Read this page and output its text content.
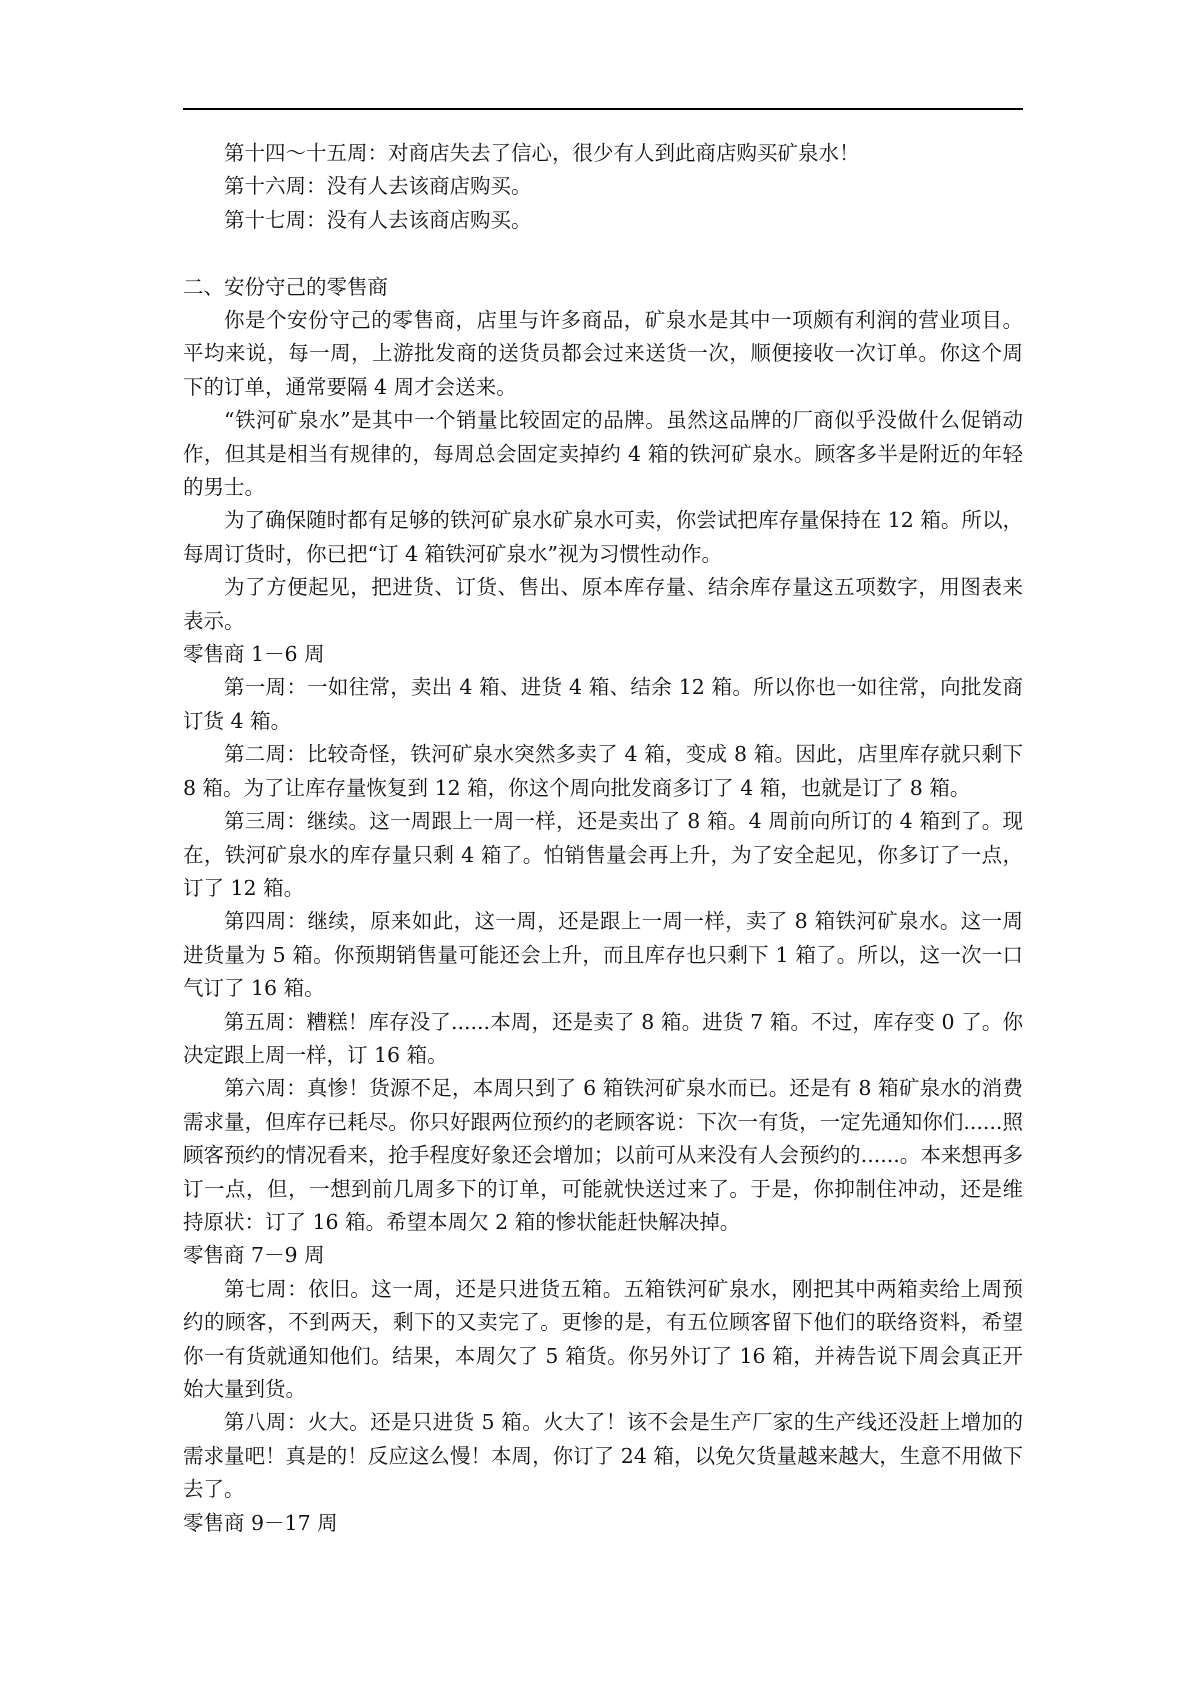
第十四～十五周：对商店失去了信心，很少有人到此商店购买矿泉水！

第十六周：没有人去该商店购买。

第十七周：没有人去该商店购买。

二、安份守己的零售商

你是个安份守己的零售商，店里与许多商品，矿泉水是其中一项颇有利润的营业项目。平均来说，每一周，上游批发商的送货员都会过来送货一次，顺便接收一次订单。你这个周下的订单，通常要隔 4 周才会送来。

“铁河矿泉水”是其中一个销量比较固定的品牌。虽然这品牌的厂商似乎没做什么促销动作，但其是相当有规律的，每周总会固定卖掉约 4 箱的铁河矿泉水。顾客多半是附近的年轻的男士。

为了确保随时都有足够的铁河矿泉水矿泉水可卖，你尝试把库存量保持在 12 箱。所以，每周订货时，你已把“订 4 箱铁河矿泉水”视为习惯性动作。

为了方便起见，把进货、订货、售出、原本库存量、结余库存量这五项数字，用图表来表示。

零售商 1－6 周

第一周：一如往常，卖出 4 箱、进货 4 箱、结余 12 箱。所以你也一如往常，向批发商订货 4 箱。

第二周：比较奇怪，铁河矿泉水突然多卖了 4 箱，变成 8 箱。因此，店里库存就只剩下 8 箱。为了让库存量恢复到 12 箱，你这个周向批发商多订了 4 箱，也就是订了 8 箱。

第三周：继续。这一周跟上一周一样，还是卖出了 8 箱。4 周前向所订的 4 箱到了。现在，铁河矿泉水的库存量只剩 4 箱了。怕销售量会再上升，为了安全起见，你多订了一点，订了 12 箱。

第四周：继续，原来如此，这一周，还是跟上一周一样，卖了 8 箱铁河矿泉水。这一周进货量为 5 箱。你预期销售量可能还会上升，而且库存也只剩下 1 箱了。所以，这一次一口气订了 16 箱。

第五周：糟糕！库存没了......本周，还是卖了 8 箱。进货 7 箱。不过，库存变 0 了。你决定跟上周一样，订 16 箱。

第六周：真惨！货源不足，本周只到了 6 箱铁河矿泉水而已。还是有 8 箱矿泉水的消费需求量，但库存已耗尽。你只好跟两位预约的老顾客说：下次一有货，一定先通知你们......照顾客预约的情况看来，抢手程度好象还会增加；以前可从来没有人会预约的......。本来想再多订一点，但，一想到前几周多下的订单，可能就快送过来了。于是，你抑制住冲动，还是维持原状：订了 16 箱。希望本周欠 2 箱的惨状能赶快解决掉。

零售商 7－9 周

第七周：依旧。这一周，还是只进货五箱。五箱铁河矿泉水，刚把其中两箱卖给上周预约的顾客，不到两天，剩下的又卖完了。更惨的是，有五位顾客留下他们的联络资料，希望你一有货就通知他们。结果，本周欠了 5 箱货。你另外订了 16 箱，并祷告说下周会真正开始大量到货。

第八周：火大。还是只进货 5 箱。火大了！该不会是生产厂家的生产线还没赶上增加的需求量吧！真是的！反应这么慢！本周，你订了 24 箱，以免欠货量越来越大，生意不用做下去了。

零售商 9－17 周
